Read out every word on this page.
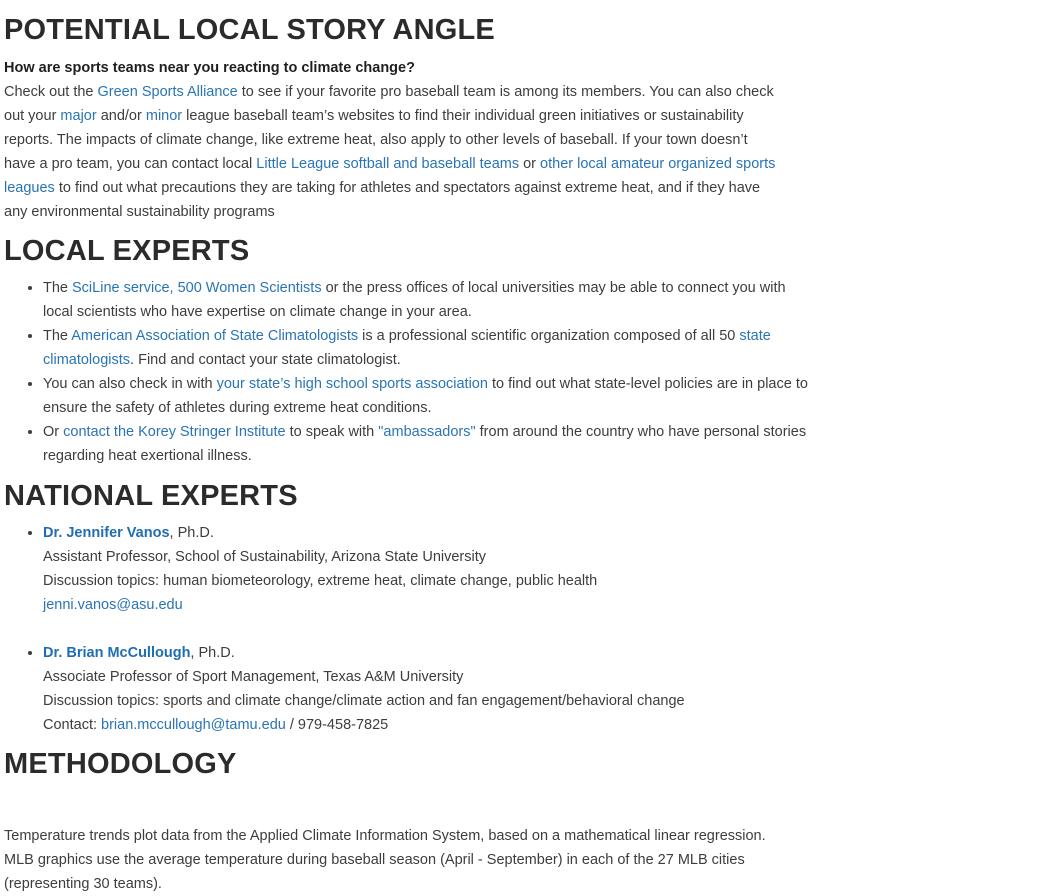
POTENTIAL LOCAL STORY ANGLE

How are sports teams near you reacting to climate change?

Check out the Green Sports Alliance to see if your favorite pro baseball team is among its members. You can also check out your major and/or minor league baseball team’s websites to find their individual green initiatives or sustainability reports. The impacts of climate change, like extreme heat, also apply to other levels of baseball. If your town doesn’t have a pro team, you can contact local Little League softball and baseball teams or other local amateur organized sports leagues to find out what precautions they are taking for athletes and spectators against extreme heat, and if they have any environmental sustainability programs

LOCAL EXPERTS
• The SciLine service, 500 Women Scientists or the press offices of local universities may be able to connect you with local scientists who have expertise on climate change in your area.
• The American Association of State Climatologists is a professional scientific organization composed of all 50 state climatologists. Find and contact your state climatologist.
• You can also check in with your state’s high school sports association to find out what state-level policies are in place to ensure the safety of athletes during extreme heat conditions.
• Or contact the Korey Stringer Institute to speak with "ambassadors" from around the country who have personal stories regarding heat exertional illness.
NATIONAL EXPERTS
• Dr. Jennifer Vanos, Ph.D.
Assistant Professor, School of Sustainability, Arizona State University
Discussion topics: human biometeorology, extreme heat, climate change, public health
jenni.vanos@asu.edu
• Dr. Brian McCullough, Ph.D.
Associate Professor of Sport Management, Texas A&M University
Discussion topics: sports and climate change/climate action and fan engagement/behavioral change
Contact: brian.mccullough@tamu.edu / 979-458-7825
METHODOLOGY

Temperature trends plot data from the Applied Climate Information System, based on a mathematical linear regression. MLB graphics use the average temperature during baseball season (April - September) in each of the 27 MLB cities (representing 30 teams).
